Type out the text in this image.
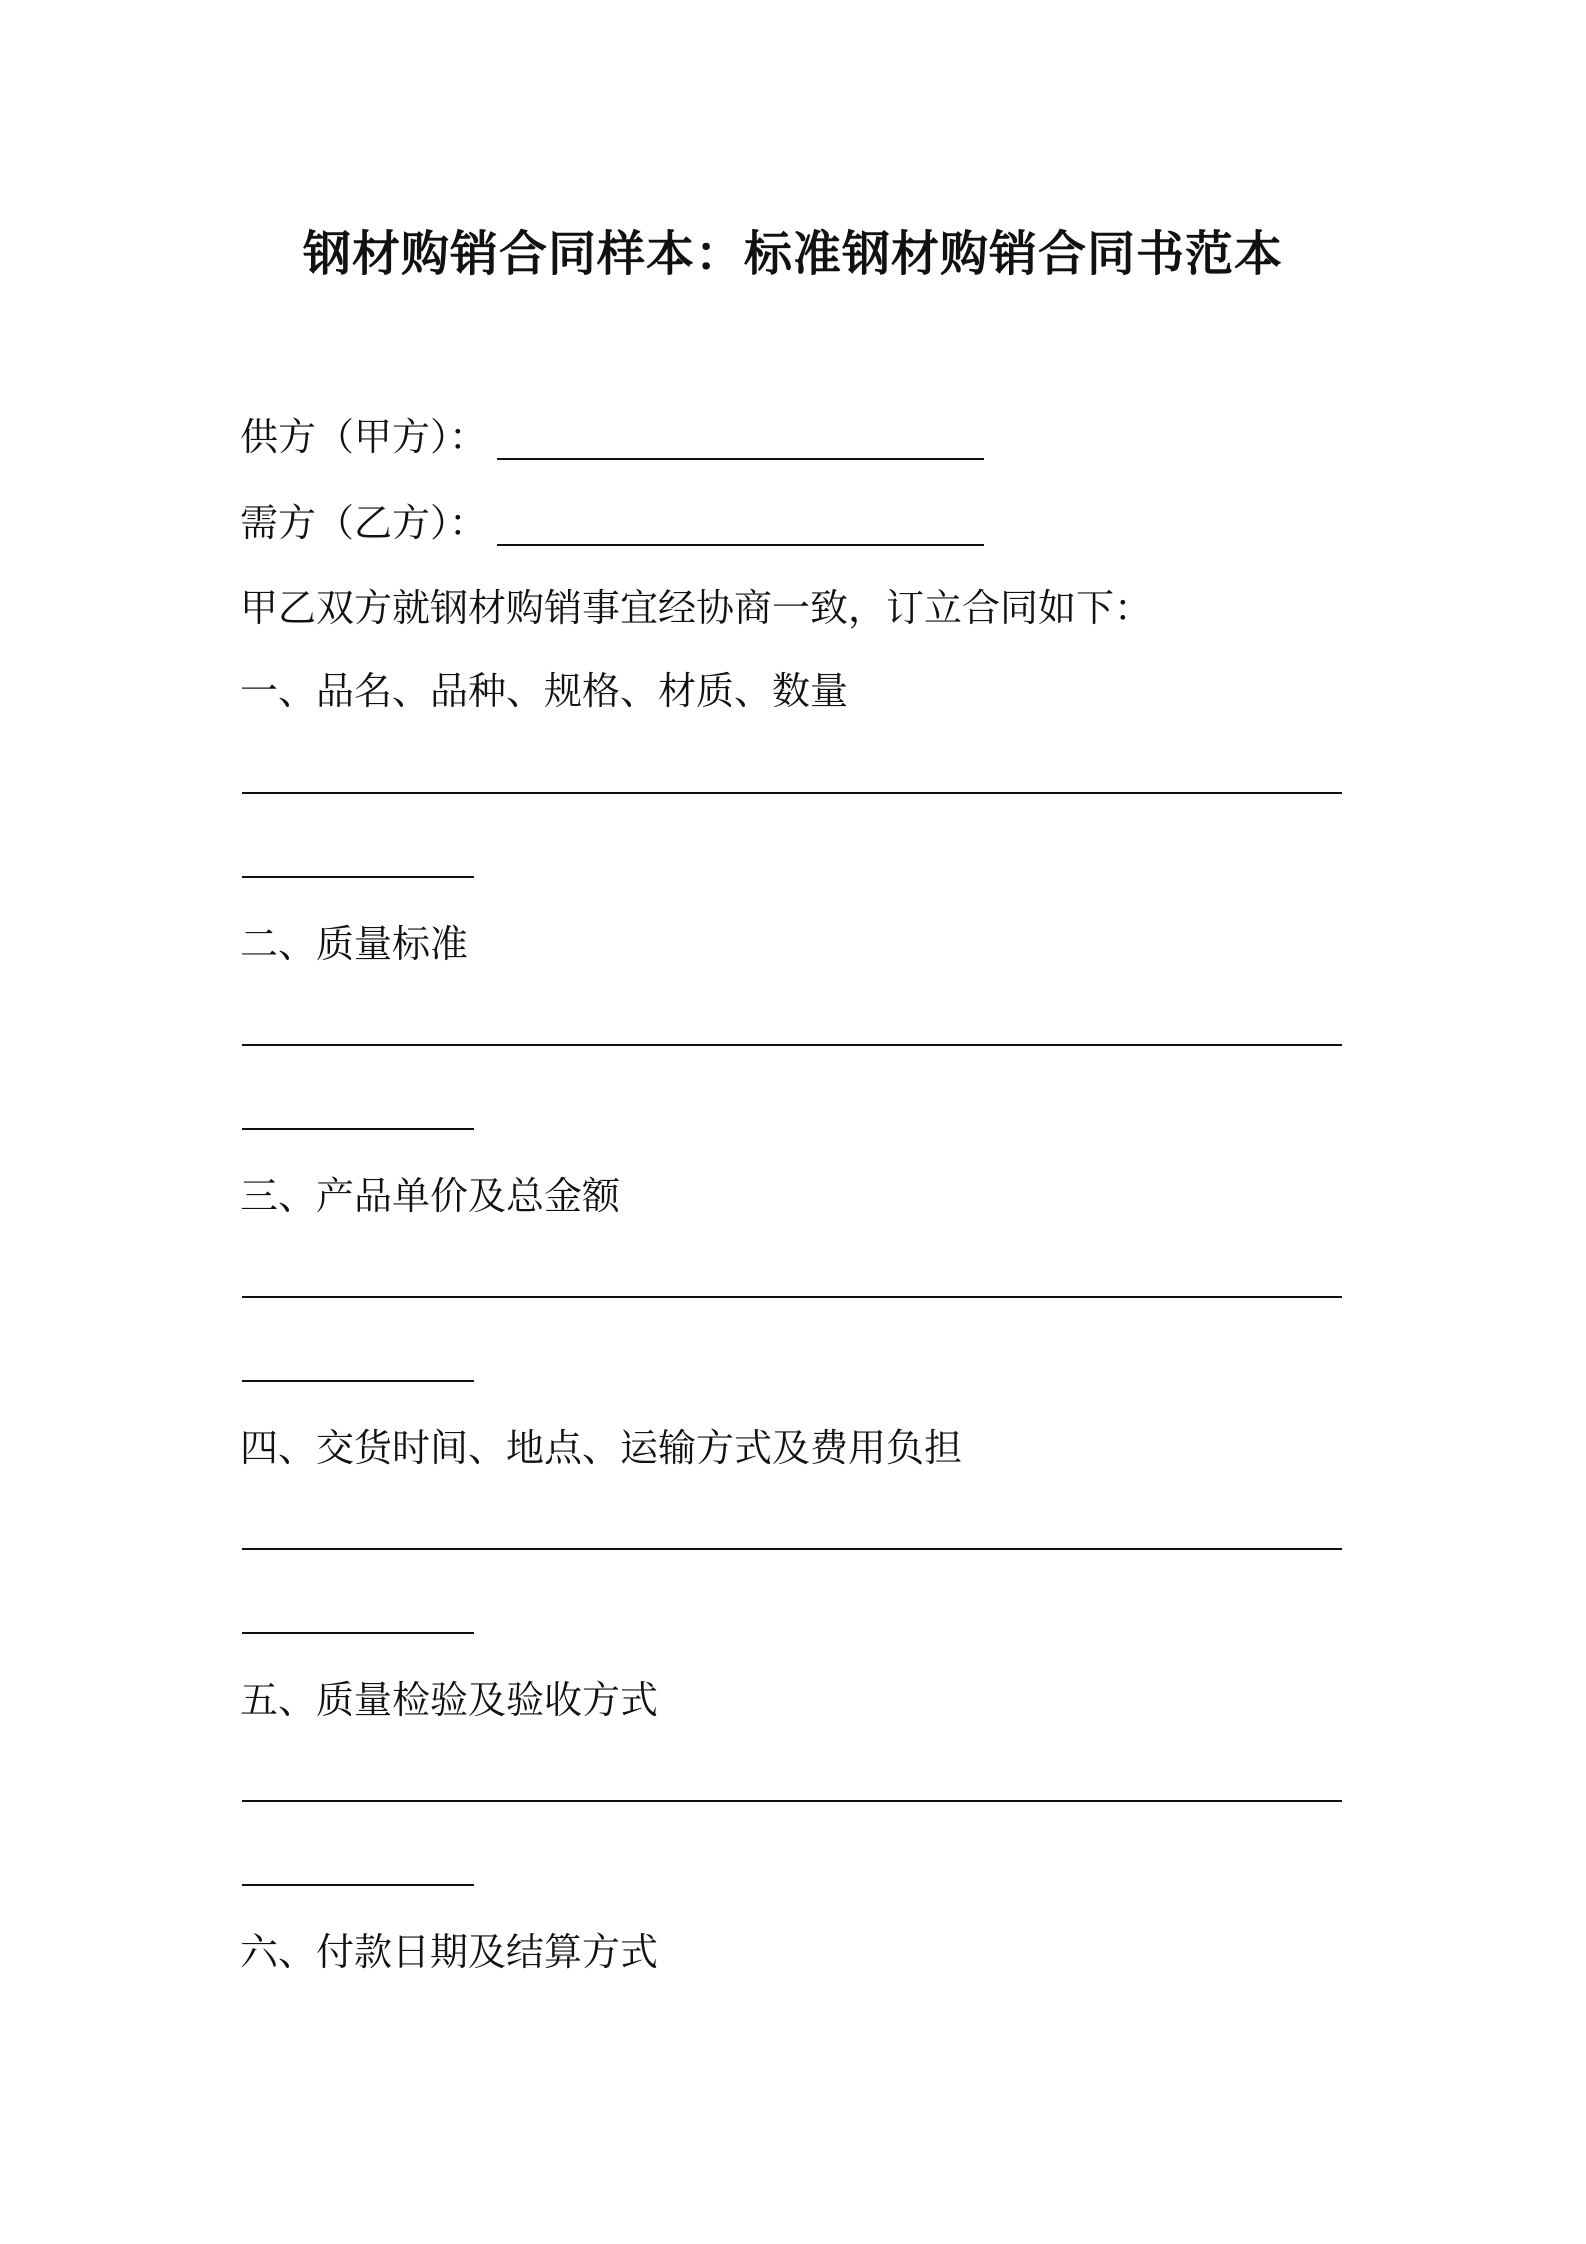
钢材购销合同样本：标准钢材购销合同书范本
供方（甲方）：
需方（乙方）：
甲乙双方就钢材购销事宜经协商一致，订立合同如下：
一、品名、品种、规格、材质、数量
二、质量标准
三、产品单价及总金额
四、交货时间、地点、运输方式及费用负担
五、质量检验及验收方式
六、付款日期及结算方式
